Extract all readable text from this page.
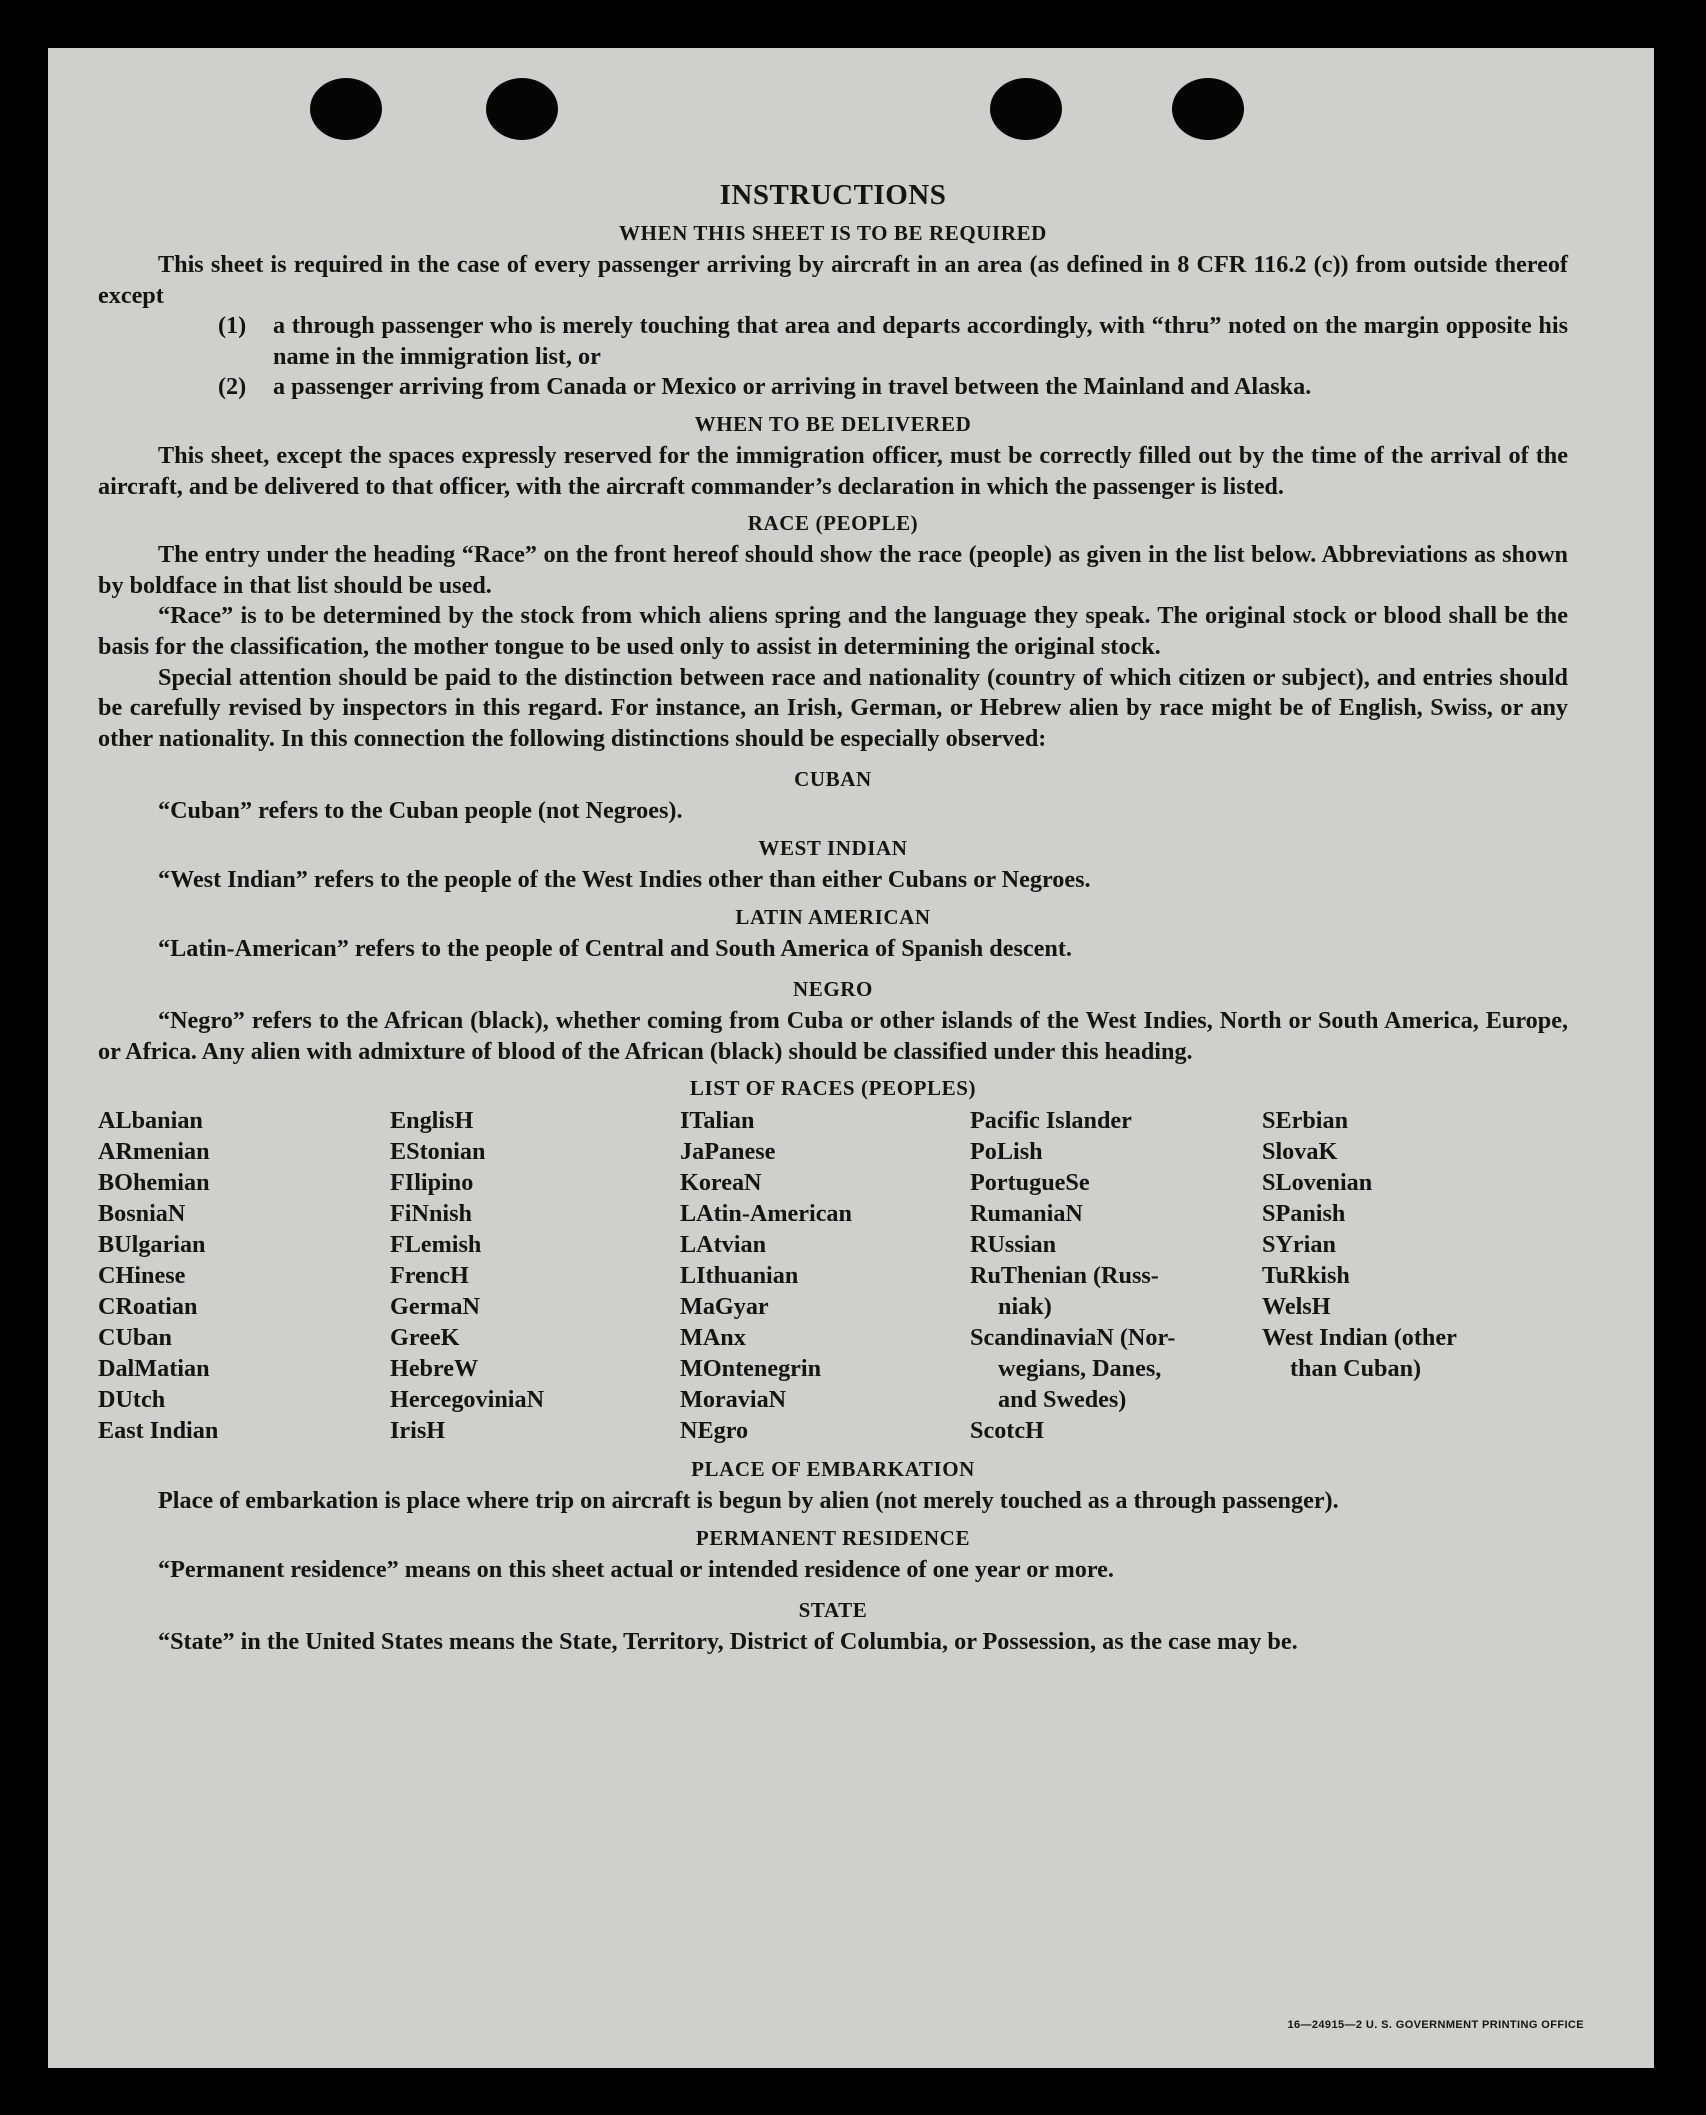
INSTRUCTIONS
WHEN THIS SHEET IS TO BE REQUIRED

This sheet is required in the case of every passenger arriving by aircraft in an area (as defined in 8 CFR 116.2 (c)) from outside thereof except

(1)	a through passenger who is merely touching that area and departs accordingly, with “thru” noted on the margin opposite his name in the immigration list, or
(2)	a passenger arriving from Canada or Mexico or arriving in travel between the Mainland and Alaska.
WHEN TO BE DELIVERED

This sheet, except the spaces expressly reserved for the immigration officer, must be correctly filled out by the time of the arrival of the aircraft, and be delivered to that officer, with the aircraft commander’s declaration in which the passenger is listed.

RACE (PEOPLE)

The entry under the heading “Race” on the front hereof should show the race (people) as given in the list below. Abbreviations as shown by boldface in that list should be used.

“Race” is to be determined by the stock from which aliens spring and the language they speak. The original stock or blood shall be the basis for the classification, the mother tongue to be used only to assist in determining the original stock.

Special attention should be paid to the distinction between race and nationality (country of which citizen or subject), and entries should be carefully revised by inspectors in this regard. For instance, an Irish, German, or Hebrew alien by race might be of English, Swiss, or any other nationality. In this connection the following distinctions should be especially observed:

CUBAN

“Cuban” refers to the Cuban people (not Negroes).

WEST INDIAN

“West Indian” refers to the people of the West Indies other than either Cubans or Negroes.

LATIN AMERICAN

“Latin-American” refers to the people of Central and South America of Spanish descent.

NEGRO

“Negro” refers to the African (black), whether coming from Cuba or other islands of the West Indies, North or South America, Europe, or Africa. Any alien with admixture of blood of the African (black) should be classified under this heading.

LIST OF RACES (PEOPLES)
ALbanian
ARmenian
BOhemian
BosniaN
BUlgarian
CHinese
CRoatian
CUban
DalMatian
DUtch
East Indian
EnglisH
EStonian
FIlipino
FiNnish
FLemish
FrencH
GermaN
GreeK
HebreW
HercegoviniaN
IrisH
ITalian
JaPanese
KoreaN
LAtin-American
LAtvian
LIthuanian
MaGyar
MAnx
MOntenegrin
MoraviaN
NEgro
Pacific Islander
PoLish
PortugueSe
RumaniaN
RUssian
RuThenian (Russ-
niak)
ScandinaviaN (Nor-
wegians, Danes,
and Swedes)
ScotcH
SErbian
SlovaK
SLovenian
SPanish
SYrian
TuRkish
WelsH
West Indian (other
than Cuban)
PLACE OF EMBARKATION

Place of embarkation is place where trip on aircraft is begun by alien (not merely touched as a through passenger).

PERMANENT RESIDENCE

“Permanent residence” means on this sheet actual or intended residence of one year or more.

STATE

“State” in the United States means the State, Territory, District of Columbia, or Possession, as the case may be.

16—24915—2 U. S. GOVERNMENT PRINTING OFFICE
